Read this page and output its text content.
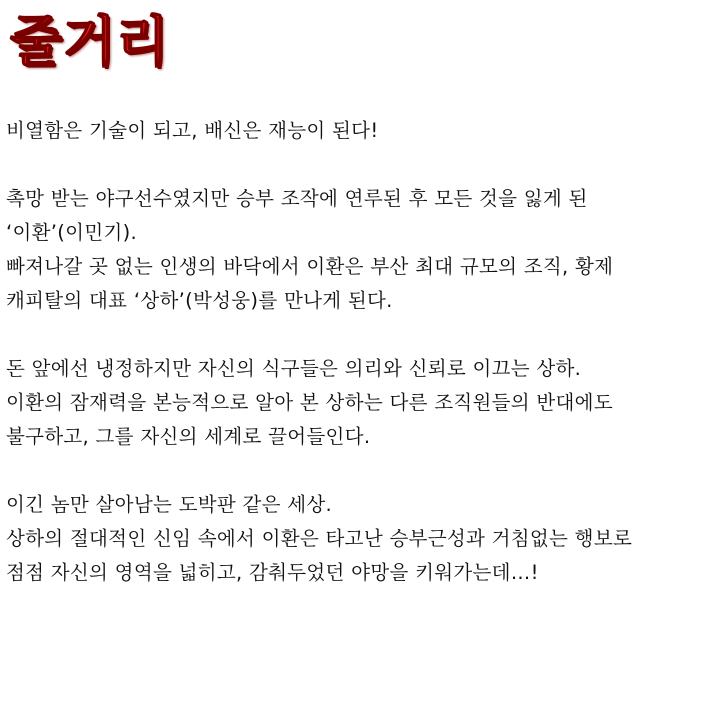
줄거리
비열함은 기술이 되고, 배신은 재능이 된다!
촉망 받는 야구선수였지만 승부 조작에 연루된 후 모든 것을 잃게 된
‘이환’(이민기).
빠져나갈 곳 없는 인생의 바닥에서 이환은 부산 최대 규모의 조직, 황제
캐피탈의 대표 ‘상하’(박성웅)를 만나게 된다.
돈 앞에선 냉정하지만 자신의 식구들은 의리와 신뢰로 이끄는 상하.
이환의 잠재력을 본능적으로 알아 본 상하는 다른 조직원들의 반대에도
불구하고, 그를 자신의 세계로 끌어들인다.
이긴 놈만 살아남는 도박판 같은 세상.
상하의 절대적인 신임 속에서 이환은 타고난 승부근성과 거침없는 행보로
점점 자신의 영역을 넓히고, 감춰두었던 야망을 키워가는데…!
